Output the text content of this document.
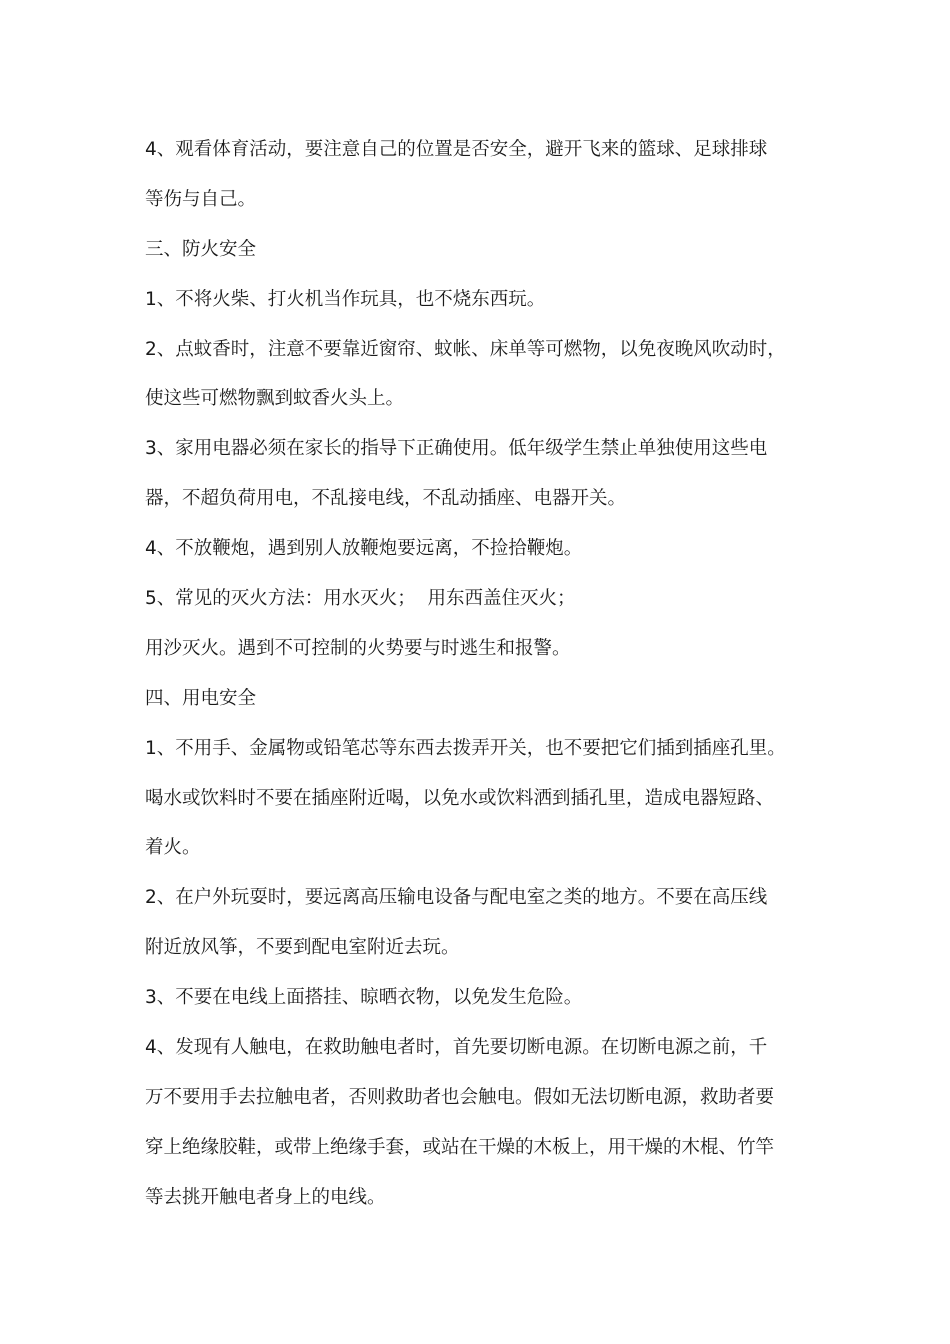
4、观看体育活动，要注意自己的位置是否安全，避开飞来的篮球、足球排球
等伤与自己。
三、防火安全
1、不将火柴、打火机当作玩具，也不烧东西玩。
2、点蚊香时，注意不要靠近窗帘、蚊帐、床单等可燃物，以免夜晚风吹动时，
使这些可燃物飘到蚊香火头上。
3、家用电器必须在家长的指导下正确使用。低年级学生禁止单独使用这些电
器，不超负荷用电，不乱接电线，不乱动插座、电器开关。
4、不放鞭炮，遇到别人放鞭炮要远离，不捡拾鞭炮。
5、常见的灭火方法：用水灭火；  用东西盖住灭火；
用沙灭火。遇到不可控制的火势要与时逃生和报警。
四、用电安全
1、不用手、金属物或铅笔芯等东西去拨弄开关，也不要把它们插到插座孔里。
喝水或饮料时不要在插座附近喝，以免水或饮料洒到插孔里，造成电器短路、
着火。
2、在户外玩耍时，要远离高压输电设备与配电室之类的地方。不要在高压线
附近放风筝，不要到配电室附近去玩。
3、不要在电线上面搭挂、晾晒衣物，以免发生危险。
4、发现有人触电，在救助触电者时，首先要切断电源。在切断电源之前，千
万不要用手去拉触电者，否则救助者也会触电。假如无法切断电源，救助者要
穿上绝缘胶鞋，或带上绝缘手套，或站在干燥的木板上，用干燥的木棍、竹竿
等去挑开触电者身上的电线。
